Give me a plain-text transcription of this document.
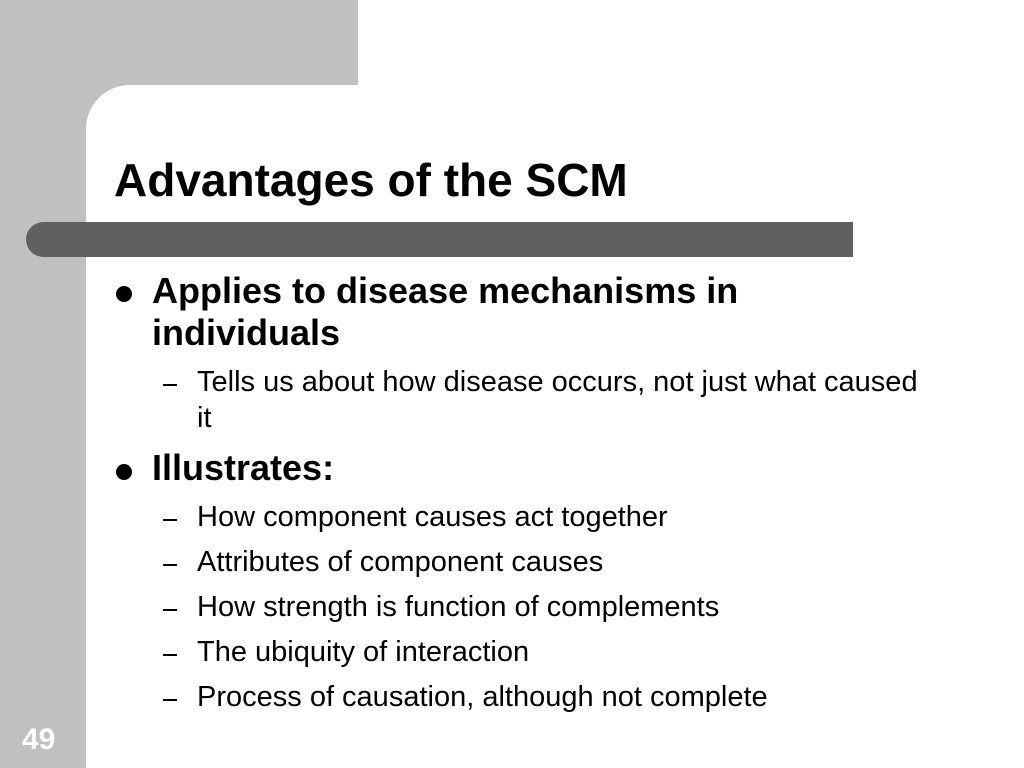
Advantages of the SCM
Applies to disease mechanisms in individuals
Tells us about how disease occurs, not just what caused it
Illustrates:
How component causes act together
Attributes of component causes
How strength is function of complements
The ubiquity of interaction
Process of causation, although not complete
49
